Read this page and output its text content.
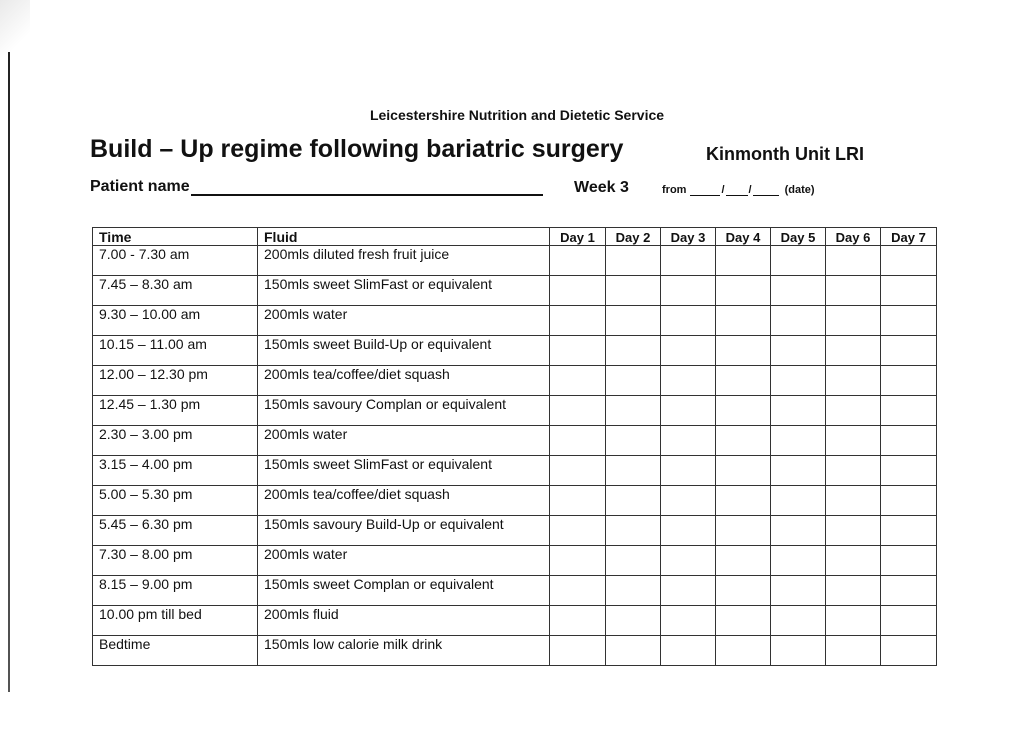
Leicestershire Nutrition and Dietetic Service
Build – Up regime following bariatric surgery	Kinmonth Unit LRI
Patient name	Week 3	from	/ /	(date)
Time	Fluid	Day 1	Day 2	Day 3	Day 4	Day 5	Day 6	Day 7
7.00 - 7.30 am	200mls diluted fresh fruit juice							
7.45 – 8.30 am	150mls sweet SlimFast or equivalent							
9.30 – 10.00 am	200mls water							
10.15 – 11.00 am	150mls sweet Build-Up or equivalent							
12.00 – 12.30 pm	200mls tea/coffee/diet squash							
12.45 – 1.30 pm	150mls savoury Complan or equivalent							
2.30 – 3.00 pm	200mls water							
3.15 – 4.00 pm	150mls sweet SlimFast or equivalent							
5.00 – 5.30 pm	200mls tea/coffee/diet squash							
5.45 – 6.30 pm	150mls savoury Build-Up or equivalent							
7.30 – 8.00 pm	200mls water							
8.15 – 9.00 pm	150mls sweet Complan or equivalent							
10.00 pm till bed	200mls fluid							
Bedtime	150mls low calorie milk drink							
